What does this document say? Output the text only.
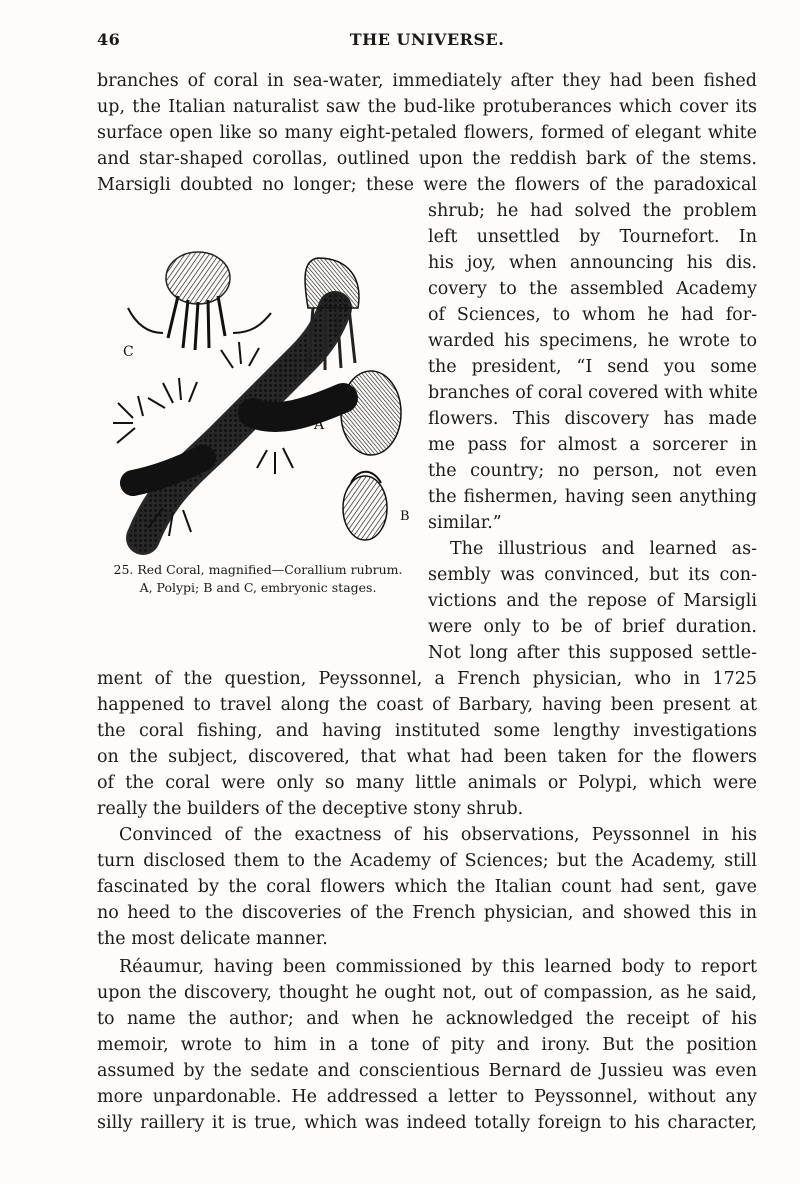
46	THE UNIVERSE.
branches of coral in sea-water, immediately after they had been fished
up, the Italian naturalist saw the bud-like protuberances which cover its
surface open like so many eight-petaled flowers, formed of elegant white
and star-shaped corollas, outlined upon the reddish bark of the stems.
Marsigli doubted no longer; these were the flowers of the paradoxical
shrub; he had solved the problem
left unsettled by Tournefort. In
his joy, when announcing his dis.
covery to the assembled Academy
of Sciences, to whom he had for-
warded his specimens, he wrote to
the president, “I send you some
branches of coral covered with white
flowers. This discovery has made
me pass for almost a sorcerer in
the country; no person, not even
the fishermen, having seen anything
similar.”
The illustrious and learned as-
sembly was convinced, but its con-
victions and the repose of Marsigli
were only to be of brief duration.
Not long after this supposed settle-
C
A
B
25. Red Coral, magnified—Corallium rubrum.
A, Polypi; B and C, embryonic stages.
ment of the question, Peyssonnel, a French physician, who in 1725
happened to travel along the coast of Barbary, having been present at
the coral fishing, and having instituted some lengthy investigations
on the subject, discovered, that what had been taken for the flowers
of the coral were only so many little animals or Polypi, which were
really the builders of the deceptive stony shrub.
Convinced of the exactness of his observations, Peyssonnel in his
turn disclosed them to the Academy of Sciences; but the Academy, still
fascinated by the coral flowers which the Italian count had sent, gave
no heed to the discoveries of the French physician, and showed this in
the most delicate manner.
Réaumur, having been commissioned by this learned body to report
upon the discovery, thought he ought not, out of compassion, as he said,
to name the author; and when he acknowledged the receipt of his
memoir, wrote to him in a tone of pity and irony. But the position
assumed by the sedate and conscientious Bernard de Jussieu was even
more unpardonable. He addressed a letter to Peyssonnel, without any
silly raillery it is true, which was indeed totally foreign to his character,
